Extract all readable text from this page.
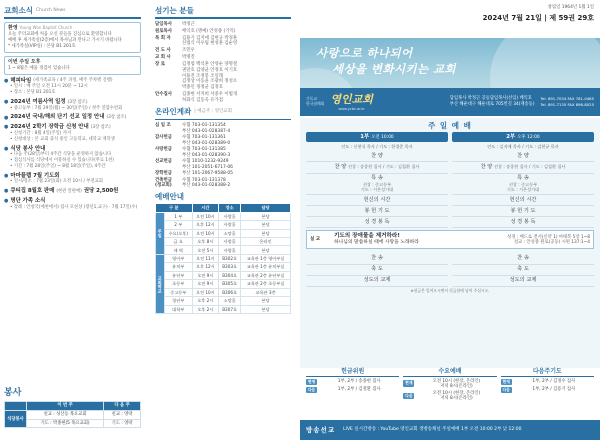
교회소식 Church News
환영 Young Won Baptist Church
오늘 주의교회에 처음 오신 분들을 진심으로 환영합니다
예배 후 새가족실(2층)에서 목사님과 만나고 가시기 바랍니다
* 새가족실(VIP실) : 본당 B1 201호
이번 주일 오후
1 ~ 8월은 예품 정검이 있습니다
● 헤피타임 (세가족교육 / 4주 과정, 매주 주차별 진행)
• 일시 : 매 주일 오전 11시 20분 ~ 12시
• 장소 : 본당 B1 201호
● 2024년 여름사역 일정 (3장 참조)
• 중고등부 : 7월 29일(월) ~ 30일(주일) / 첫주 연합수련회
● 2024년 국내/해외 단기 선교 일정 안내 (3장 참조)
● 2024년 2학기 장학금 신청 안내 (3장 참조)
• 신청기간 : 8월 4일(주일) 까지
• 신청대상 : 본 교회 출석 중인 고등학교, 대학교 재학생
● 식당 봉사 안내
• 다음 주(28일)부터 4주간 식당을 운영하지 않습니다
• 점심식사를 식당에서 이용하실 수 있습니다(무료 1천)
• 기간 : 7월 28일(주일) ~ 8월 18일(주일), 4주간
● 마마플랩 7월 기도회
• 일시/장소 : 7월 23일(화) 오전 10시 / 부전교회
● 큐티집 8월호 판매 (현관 앞판매) 권당 2,500원
● 명단 가족 소식
• 장례 : 안창국(예천에서) 집사 모친상 (향년1,교구) · 7월 17일(수)
봉사
	이 번 주	다 음 주
식당봉사	친교 : 성산동 목요교회	친교 : 영락
	기도 : 박종현(5 목요교회)	기도 : 영락
섬기는 분들
담임목사	박정근
원로목사	배익호 (명예) 안성종 (기억)
목 회 자	김용기 김지애 김현규 박경훈
신범식 이우림 현성훈 김순영
전 도 사	조민우
교 회 사	박명진
장 로	김정엽 백석훈 안영순 양명철
권달호 김양균 안경호 이기호
이용진 조정봉 조일래
김정상 이동윤 조광희 정성오
박종인 정정균 김정호
안수집사	김종현 서지희 서중우 이법개
허화식 김동욱 유가점
온라인계좌 | 예금주 : 영인교회
십 일 조	수협 703-01-131354
부산 043-01-028387-4
감사헌금	수협 703-01-131361
부산 043-01-028389-0
사랑헌금	수협 703-01-131385
부산 043-01-028390-3
선교헌금	수협 1010-1232-9249
부산 101-2051-6717-06
장학헌금	부산 101-2067-9588-05
건축헌금
(정교회)
수협 703-01-131378
부산 043-01-028388-2
예배안내
구 분		시간	장소	담당
주일	1 부	오전 10시	사랑홀	본당
	2 부	오후 12시	사랑홀	본당
	수요(오후)	오전 10시	소망홀	본당
	금 요	오후 8시	사랑홀	온라인
	새 벽	오전 5시	사랑홀	본당
교회학교	영아부	오전 11시	B302호	교육관 1층 영아부실
	유치부	오후 12시	B303호	교육관 1층 유치부실
	유년부	오전 9시	B304호	교육관 2층 유년부실
	초등부	오전 9시	B305호	교육관 2층 초등부실
	중고등부	오전 10시	B306호	교육관 3층
	청년부	오후 2시	소망홀	본당
	대학부	오후 2시	B307호	본당
창립일 1964년 1월 1일
2024년 7월 21일 | 제 59권 29호
사랑으로 하나되어
세상을 변화시키는 교회
기독교
한국침례회 영인교회
www.ycbc.or.kr
담임목사 박정근 공동담임목사(선임) 배익호
부산 해운대구 해운대로 705번길 34(재송동)
Tel. 891-7034 FAX 781-0485
Tel. 891-7135 FAX 898-8025
주 일 예 배
1부 오전 10:00
인도 : 신현식 목사 / 기도 : 한경준 목사
찬 양
찬 양 선창 : 송종현 집사 / 기도 : 김철환 집사
특 송
선창 : 중고등부
기도 : 시온성가대
헌신의 시간
봉 헌 기 도
성 경 봉 독
2부 오후 12:00
인도 : 김지애 목사 / 기도 : 김현규 목사
찬 양
찬 양 선창 : 송종현 집사 / 기도 : 김철환 집사
특 송
선창 : 중고등부
기도 : 시온성가대
헌신의 시간
봉 헌 기 도
성 경 봉 독
설 교
기도의 장애물을 제거하라!
하나님의 말씀하실 때에 사랑을 노래하라
성경 : 베드로 전서(신약 1) 마태복 5장 1~8
설교 : 안성종 원로(공동) 시편 137:1~4
찬 송
축 도
성도의 교제
찬 송
축 도
성도의 교제
※헌금은 일어오시면서 헌금함에 넣어 주십시오.
헌금위원
현재	1부, 2부 / 송종현 집사
다음	1부, 2부 / 김철환 집사
수요예배
현재	오전 10시 (현장, 온라인)
저녁 8시(온라인)
다음	오전 10시 (현장, 온라인)
저녁 8시(온라인)
다음주기도
현재	1부, 2부 / 김정수 집사
다음	1부, 2부 / 김용기 집사
방송선교 LIVE 실시간방송 : YouTube 영인교회 생방송채널 주일예배 1부 오전 10:00 2부 낮 12:00
